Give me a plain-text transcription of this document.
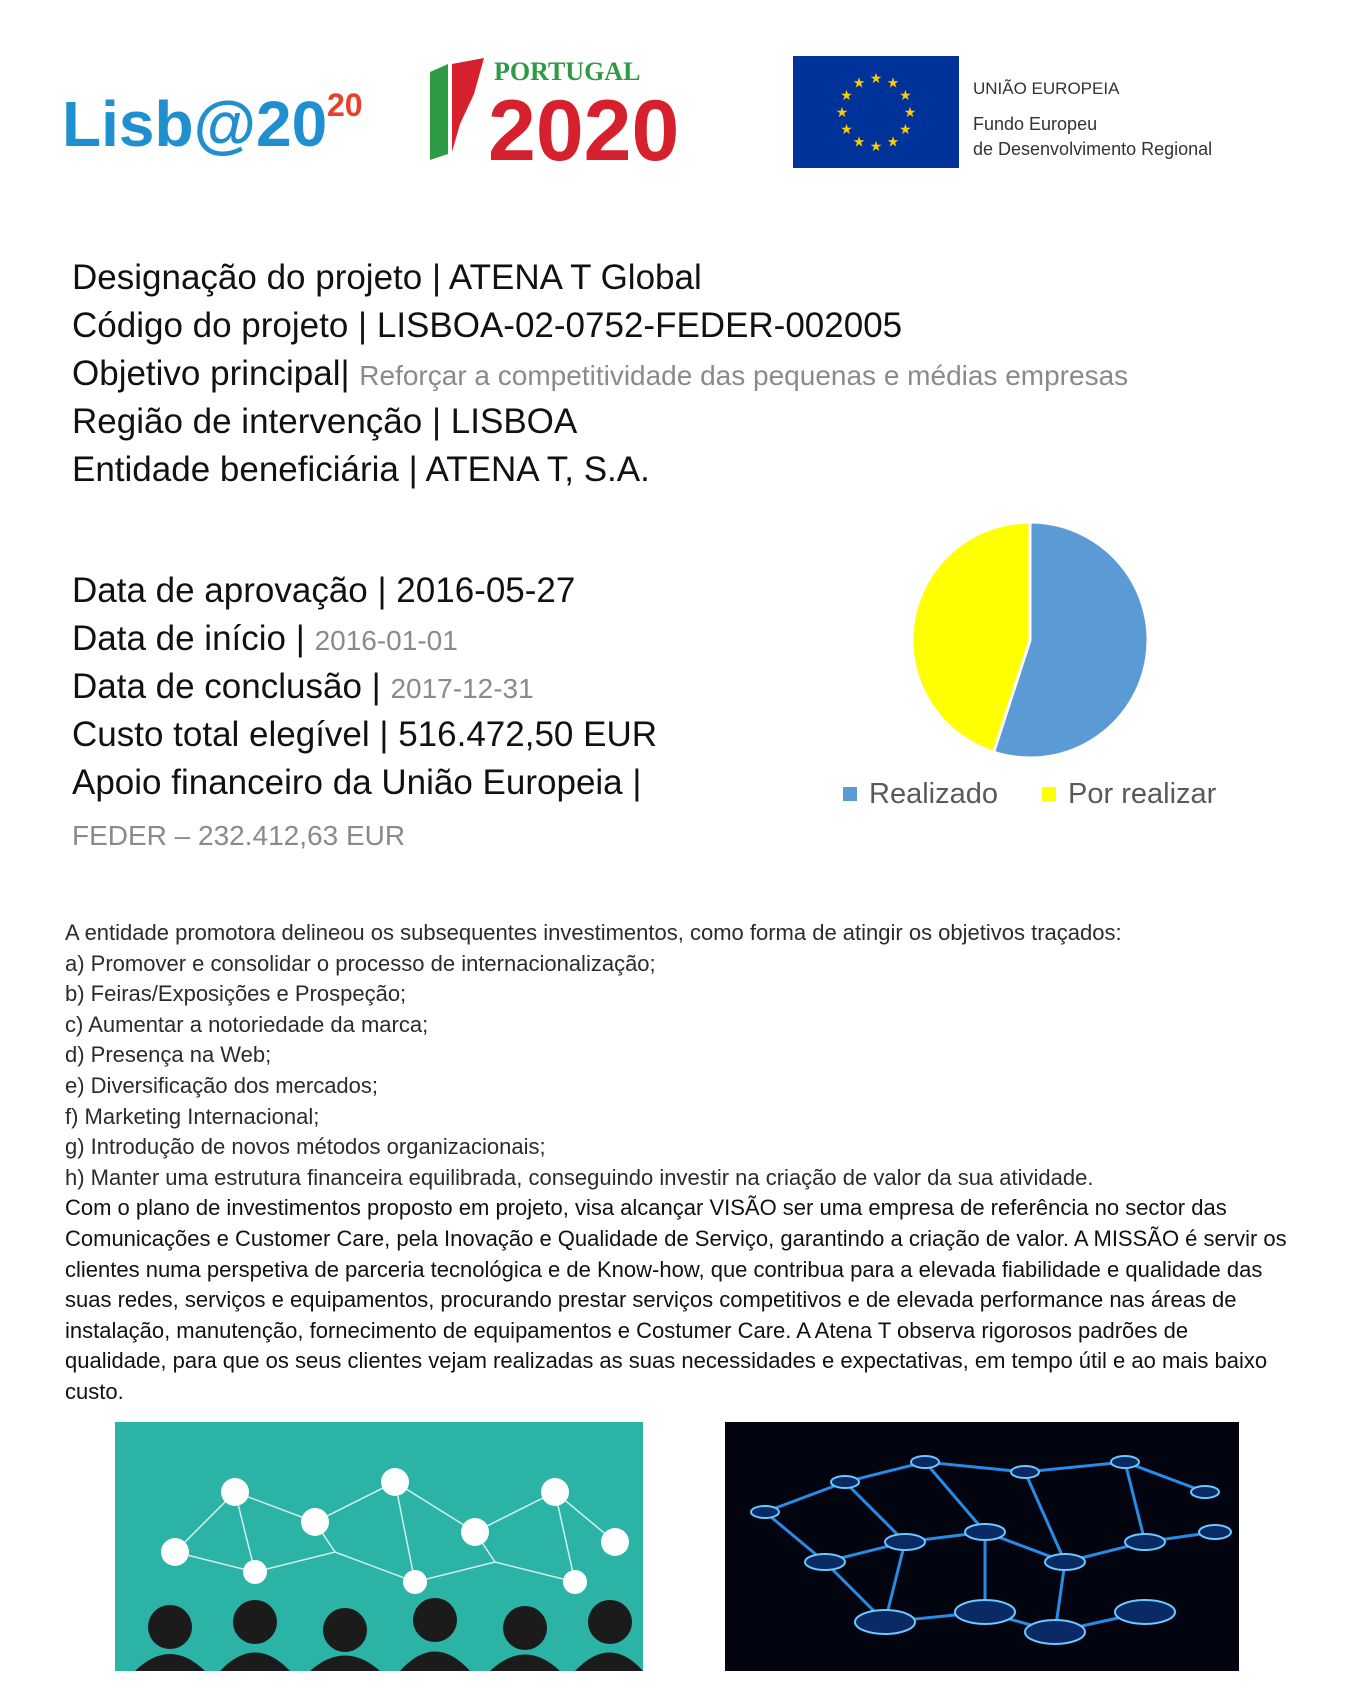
Lisb@20 20
PORTUGAL
2020
★ ★
★
★
★
★
★
★
★
★
★
★	UNIÃO EUROPEIA
Fundo Europeu
de Desenvolvimento Regional
Designação do projeto | ATENA T Global
Código do projeto | LISBOA-02-0752-FEDER-002005
Objetivo principal| Reforçar a competitividade das pequenas e médias empresas
Região de intervenção | LISBOA
Entidade beneficiária | ATENA T, S.A.
Data de aprovação | 2016-05-27
Data de início | 2016-01-01
Data de conclusão | 2017-12-31
Custo total elegível | 516.472,50 EUR
Apoio financeiro da União Europeia |
FEDER – 232.412,63 EUR
Realizado
Por realizar
A entidade promotora delineou os subsequentes investimentos, como forma de atingir os objetivos traçados:
a) Promover e consolidar o processo de internacionalização;
b) Feiras/Exposições e Prospeção;
c) Aumentar a notoriedade da marca;
d) Presença na Web;
e) Diversificação dos mercados;
f) Marketing Internacional;
g) Introdução de novos métodos organizacionais;
h) Manter uma estrutura financeira equilibrada, conseguindo investir na criação de valor da sua atividade.

Com o plano de investimentos proposto em projeto, visa alcançar VISÃO ser uma empresa de referência no sector das Comunicações e Customer Care, pela Inovação e Qualidade de Serviço, garantindo a criação de valor. A MISSÃO é servir os clientes numa perspetiva de parceria tecnológica e de Know-how, que contribua para a elevada fiabilidade e qualidade das suas redes, serviços e equipamentos, procurando prestar serviços competitivos e de elevada performance nas áreas de instalação, manutenção, fornecimento de equipamentos e Costumer Care. A Atena T observa rigorosos padrões de qualidade, para que os seus clientes vejam realizadas as suas necessidades e expectativas, em tempo útil e ao mais baixo custo.
